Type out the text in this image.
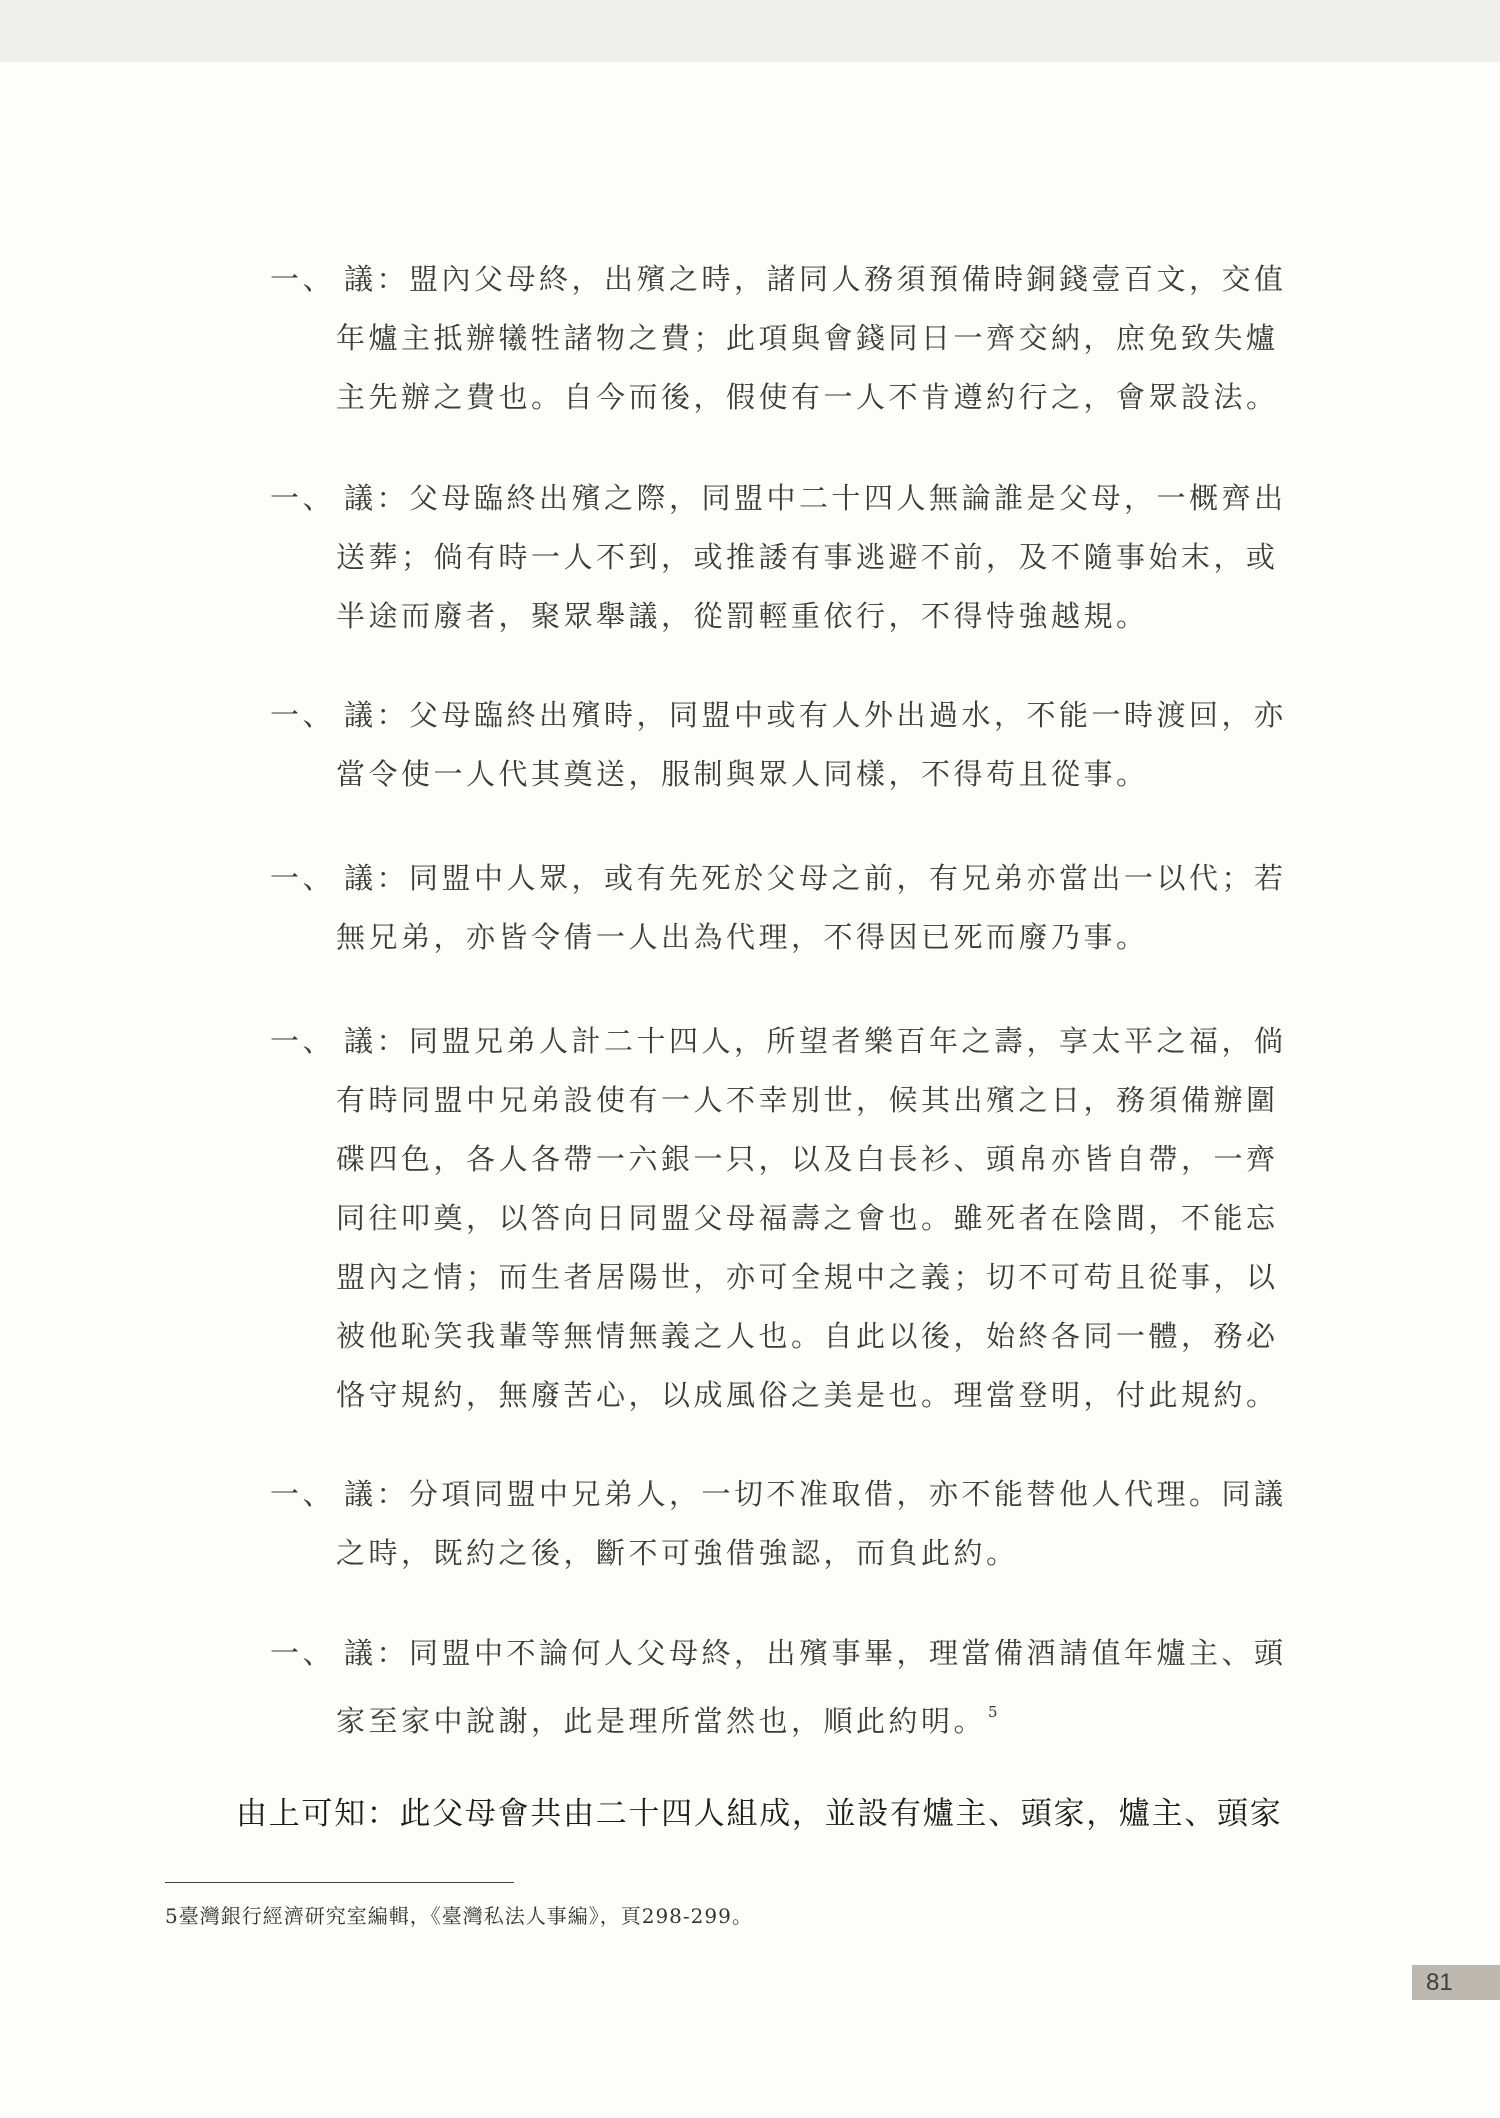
一、 議：盟內父母終，出殯之時，諸同人務須預備時銅錢壹百文，交值
年爐主抵辦犧牲諸物之費；此項與會錢同日一齊交納，庶免致失爐
主先辦之費也。自今而後，假使有一人不肯遵約行之，會眾設法。
一、 議：父母臨終出殯之際，同盟中二十四人無論誰是父母，一概齊出
送葬；倘有時一人不到，或推諉有事逃避不前，及不隨事始末，或
半途而廢者，聚眾舉議，從罰輕重依行，不得恃強越規。
一、 議：父母臨終出殯時，同盟中或有人外出過水，不能一時渡回，亦
當令使一人代其奠送，服制與眾人同樣，不得苟且從事。
一、 議：同盟中人眾，或有先死於父母之前，有兄弟亦當出一以代；若
無兄弟，亦皆令倩一人出為代理，不得因已死而廢乃事。
一、 議：同盟兄弟人計二十四人，所望者樂百年之壽，享太平之福，倘
有時同盟中兄弟設使有一人不幸別世，候其出殯之日，務須備辦圍
碟四色，各人各帶一六銀一只，以及白長衫、頭帛亦皆自帶，一齊
同往叩奠，以答向日同盟父母福壽之會也。雖死者在陰間，不能忘
盟內之情；而生者居陽世，亦可全規中之義；切不可苟且從事，以
被他恥笑我輩等無情無義之人也。自此以後，始終各同一體，務必
恪守規約，無廢苦心，以成風俗之美是也。理當登明，付此規約。
一、 議：分項同盟中兄弟人，一切不准取借，亦不能替他人代理。同議
之時，既約之後，斷不可強借強認，而負此約。
一、 議：同盟中不論何人父母終，出殯事畢，理當備酒請值年爐主、頭
家至家中說謝，此是理所當然也，順此約明。 $^5$
由上可知：此父母會共由二十四人組成，並設有爐主、頭家，爐主、頭家
5臺灣銀行經濟研究室編輯，《臺灣私法人事編》，頁298-299。
81
